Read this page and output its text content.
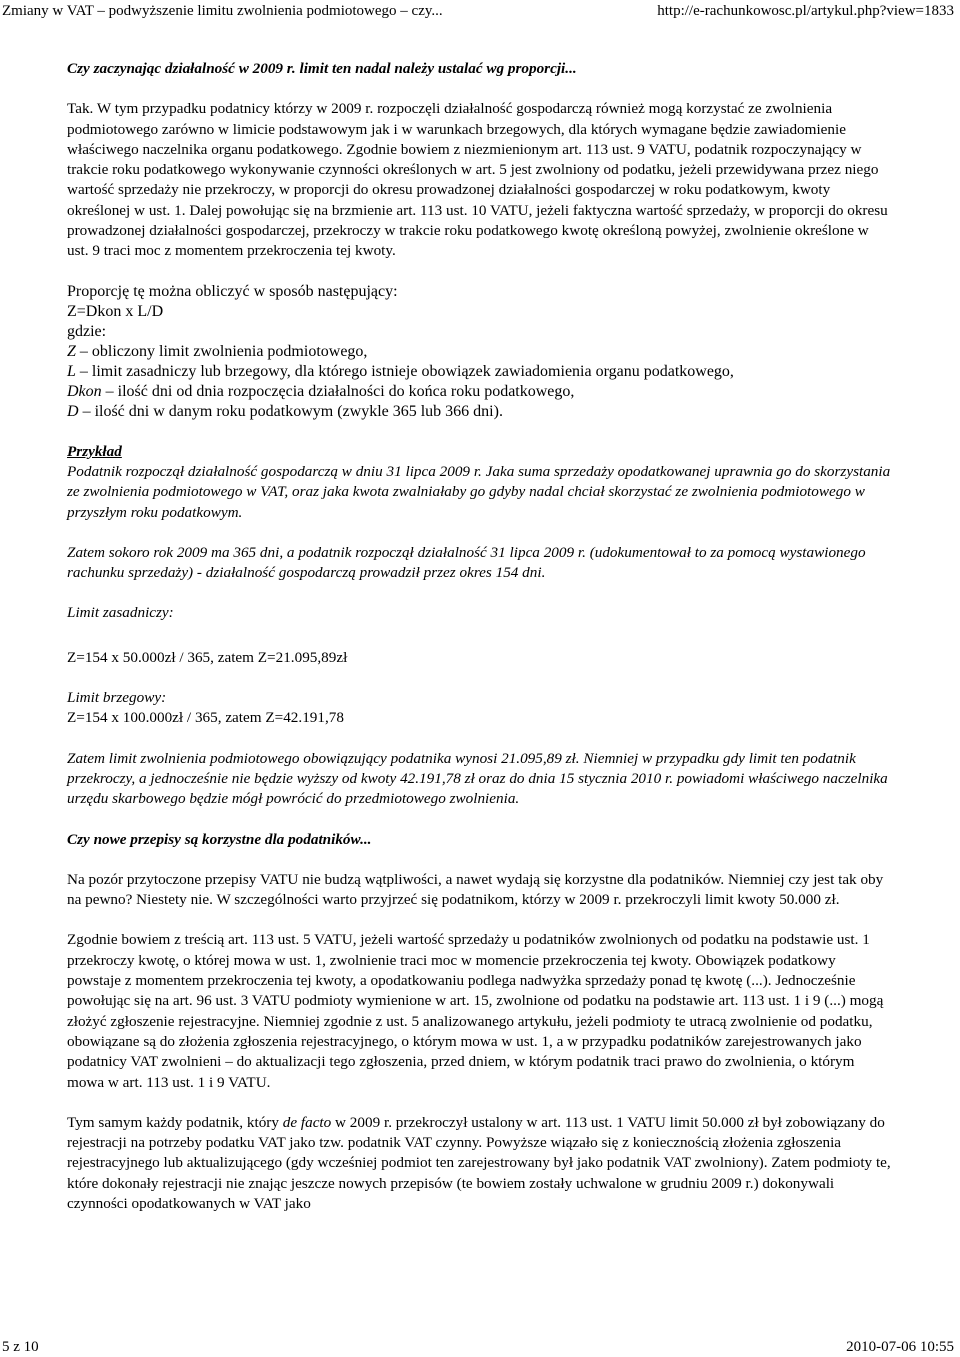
Zmiany w VAT – podwyższenie limitu zwolnienia podmiotowego – czy...	http://e-rachunkowosc.pl/artykul.php?view=1833

Czy zaczynając działalność w 2009 r. limit ten nadal należy ustalać wg proporcji...

Tak. W tym przypadku podatnicy którzy w 2009 r. rozpoczęli działalność gospodarczą również mogą korzystać ze zwolnienia podmiotowego zarówno w limicie podstawowym jak i w warunkach brzegowych, dla których wymagane będzie zawiadomienie właściwego naczelnika organu podatkowego. Zgodnie bowiem z niezmienionym art. 113 ust. 9 VATU, podatnik rozpoczynający w trakcie roku podatkowego wykonywanie czynności określonych w art. 5 jest zwolniony od podatku, jeżeli przewidywana przez niego wartość sprzedaży nie przekroczy, w proporcji do okresu prowadzonej działalności gospodarczej w roku podatkowym, kwoty określonej w ust. 1. Dalej powołując się na brzmienie art. 113 ust. 10 VATU, jeżeli faktyczna wartość sprzedaży, w proporcji do okresu prowadzonej działalności gospodarczej, przekroczy w trakcie roku podatkowego kwotę określoną powyżej, zwolnienie określone w ust. 9 traci moc z momentem przekroczenia tej kwoty.

Proporcję tę można obliczyć w sposób następujący:
Z=Dkon x L/D
gdzie:
Z – obliczony limit zwolnienia podmiotowego,
L – limit zasadniczy lub brzegowy, dla którego istnieje obowiązek zawiadomienia organu podatkowego,
Dkon – ilość dni od dnia rozpoczęcia działalności do końca roku podatkowego,
D – ilość dni w danym roku podatkowym (zwykle 365 lub 366 dni).
Przykład

Podatnik rozpoczął działalność gospodarczą w dniu 31 lipca 2009 r. Jaka suma sprzedaży opodatkowanej uprawnia go do skorzystania ze zwolnienia podmiotowego w VAT, oraz jaka kwota zwalniałaby go gdyby nadal chciał skorzystać ze zwolnienia podmiotowego w przyszłym roku podatkowym.

Zatem sokoro rok 2009 ma 365 dni, a podatnik rozpoczął działalność 31 lipca 2009 r. (udokumentował to za pomocą wystawionego rachunku sprzedaży) - działalność gospodarczą prowadził przez okres 154 dni.

Limit zasadniczy:

Z=154 x 50.000zł / 365, zatem Z=21.095,89zł

Limit brzegowy:

Z=154 x 100.000zł / 365, zatem Z=42.191,78

Zatem limit zwolnienia podmiotowego obowiązujący podatnika wynosi 21.095,89 zł. Niemniej w przypadku gdy limit ten podatnik przekroczy, a jednocześnie nie będzie wyższy od kwoty 42.191,78 zł oraz do dnia 15 stycznia 2010 r. powiadomi właściwego naczelnika urzędu skarbowego będzie mógł powrócić do przedmiotowego zwolnienia.

Czy nowe przepisy są korzystne dla podatników...

Na pozór przytoczone przepisy VATU nie budzą wątpliwości, a nawet wydają się korzystne dla podatników. Niemniej czy jest tak oby na pewno? Niestety nie. W szczególności warto przyjrzeć się podatnikom, którzy w 2009 r. przekroczyli limit kwoty 50.000 zł.

Zgodnie bowiem z treścią art. 113 ust. 5 VATU, jeżeli wartość sprzedaży u podatników zwolnionych od podatku na podstawie ust. 1 przekroczy kwotę, o której mowa w ust. 1, zwolnienie traci moc w momencie przekroczenia tej kwoty. Obowiązek podatkowy powstaje z momentem przekroczenia tej kwoty, a opodatkowaniu podlega nadwyżka sprzedaży ponad tę kwotę (...). Jednocześnie powołując się na art. 96 ust. 3 VATU podmioty wymienione w art. 15, zwolnione od podatku na podstawie art. 113 ust. 1 i 9 (...) mogą złożyć zgłoszenie rejestracyjne. Niemniej zgodnie z ust. 5 analizowanego artykułu, jeżeli podmioty te utracą zwolnienie od podatku, obowiązane są do złożenia zgłoszenia rejestracyjnego, o którym mowa w ust. 1, a w przypadku podatników zarejestrowanych jako podatnicy VAT zwolnieni – do aktualizacji tego zgłoszenia, przed dniem, w którym podatnik traci prawo do zwolnienia, o którym mowa w art. 113 ust. 1 i 9 VATU.

Tym samym każdy podatnik, który de facto w 2009 r. przekroczył ustalony w art. 113 ust. 1 VATU limit 50.000 zł był zobowiązany do rejestracji na potrzeby podatku VAT jako tzw. podatnik VAT czynny. Powyższe wiązało się z koniecznością złożenia zgłoszenia rejestracyjnego lub aktualizującego (gdy wcześniej podmiot ten zarejestrowany był jako podatnik VAT zwolniony). Zatem podmioty te, które dokonały rejestracji nie znając jeszcze nowych przepisów (te bowiem zostały uchwalone w grudniu 2009 r.) dokonywali czynności opodatkowanych w VAT jako

5 z 10	2010-07-06 10:55
